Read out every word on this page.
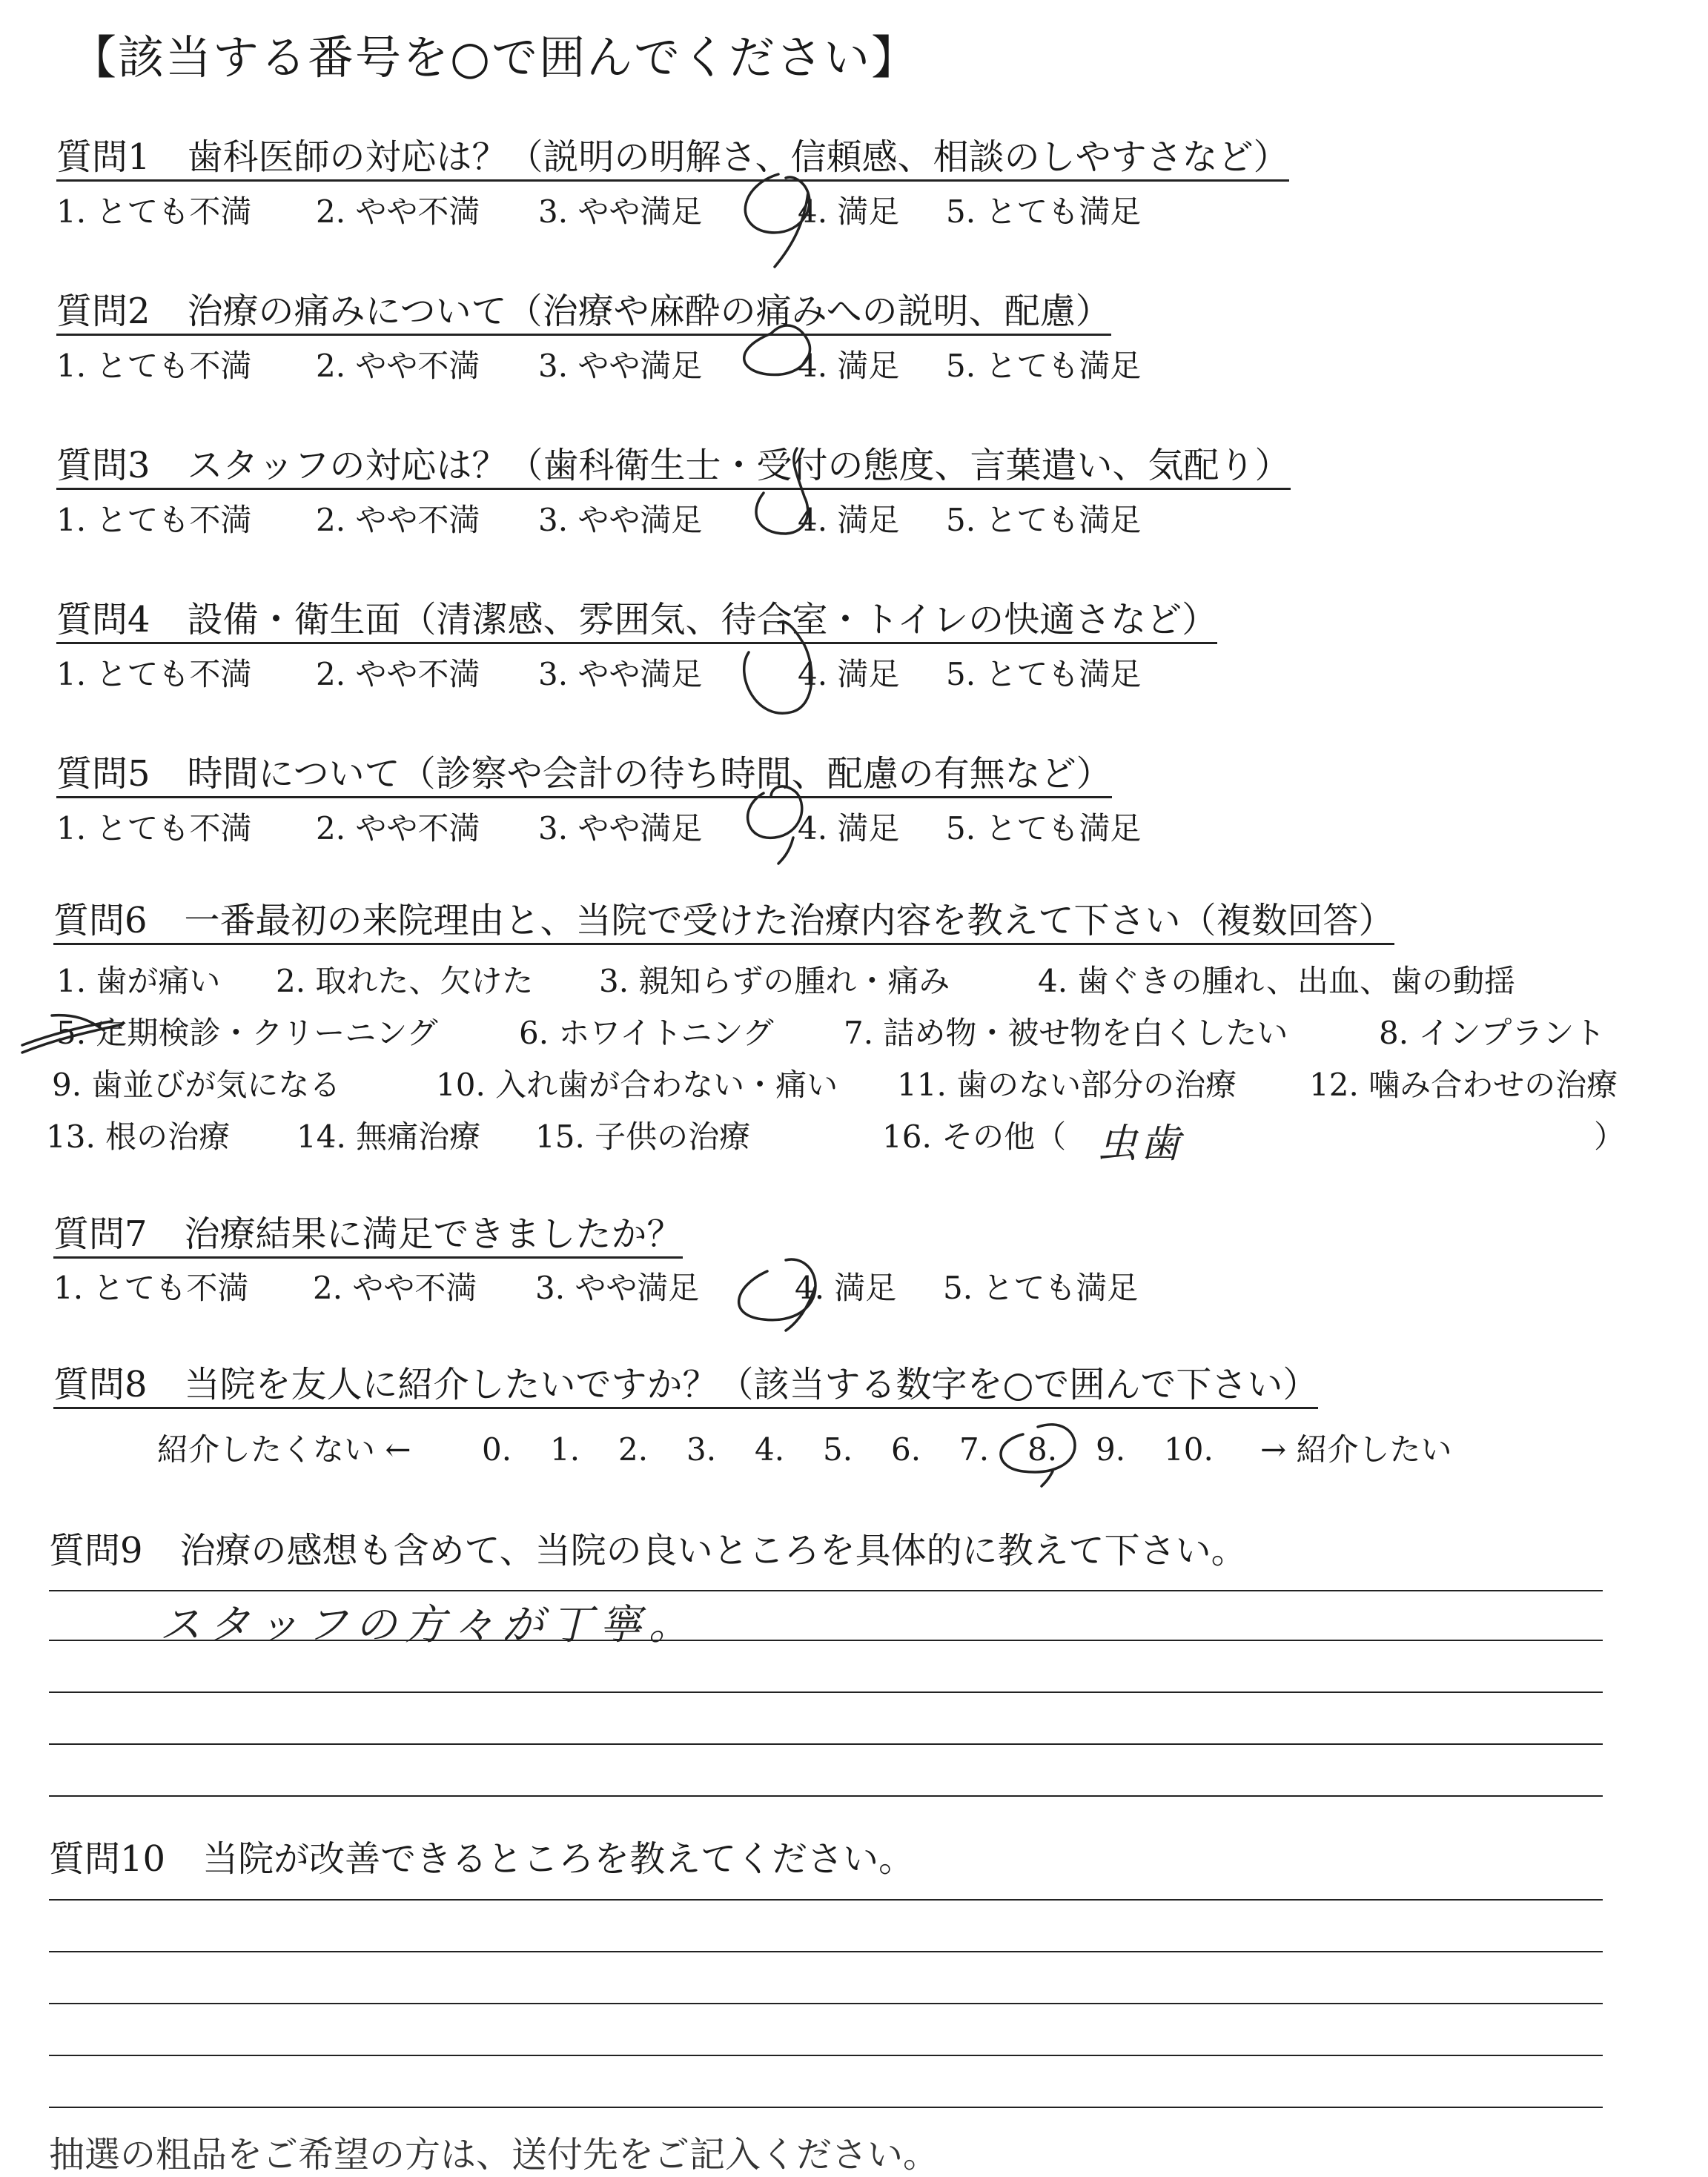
【該当する番号を○で囲んでください】
質問1 歯科医師の対応は？（説明の明解さ、信頼感、相談のしやすさなど）
1. とても不満 2. やや不満 3. やや満足	4. 満足 5. とても満足
質問2 治療の痛みについて（治療や麻酔の痛みへの説明、配慮）
1. とても不満 2. やや不満 3. やや満足	4. 満足 5. とても満足
質問3 スタッフの対応は？（歯科衛生士・受付の態度、言葉遣い、気配り）
1. とても不満 2. やや不満 3. やや満足	4. 満足 5. とても満足
質問4 設備・衛生面（清潔感、雰囲気、待合室・トイレの快適さなど）
1. とても不満 2. やや不満 3. やや満足	4. 満足 5. とても満足
質問5 時間について（診察や会計の待ち時間、配慮の有無など）
1. とても不満 2. やや不満 3. やや満足	4. 満足 5. とても満足
質問6 一番最初の来院理由と、当院で受けた治療内容を教えて下さい（複数回答）
1. 歯が痛い 2. 取れた、欠けた 3. 親知らずの腫れ・痛み	4. 歯ぐきの腫れ、出血、歯の動揺
5. 定期検診・クリーニング	6. ホワイトニング 7. 詰め物・被せ物を白くしたい	8. インプラント
9. 歯並びが気になる	10. 入れ歯が合わない・痛い 11. 歯のない部分の治療 12. 噛み合わせの治療
13. 根の治療 14. 無痛治療 15. 子供の治療	16. その他（ 虫歯	）
質問7 治療結果に満足できましたか？
1. とても不満 2. やや不満 3. やや満足	4. 満足 5. とても満足
質問8 当院を友人に紹介したいですか？（該当する数字を○で囲んで下さい）
紹介したくない ← 0. 1. 2. 3. 4. 5. 6. 7. 8. 9. 10. → 紹介したい
質問9 治療の感想も含めて、当院の良いところを具体的に教えて下さい。
スタッフの方々が丁寧。
質問10 当院が改善できるところを教えてください。
抽選の粗品をご希望の方は、送付先をご記入ください。
